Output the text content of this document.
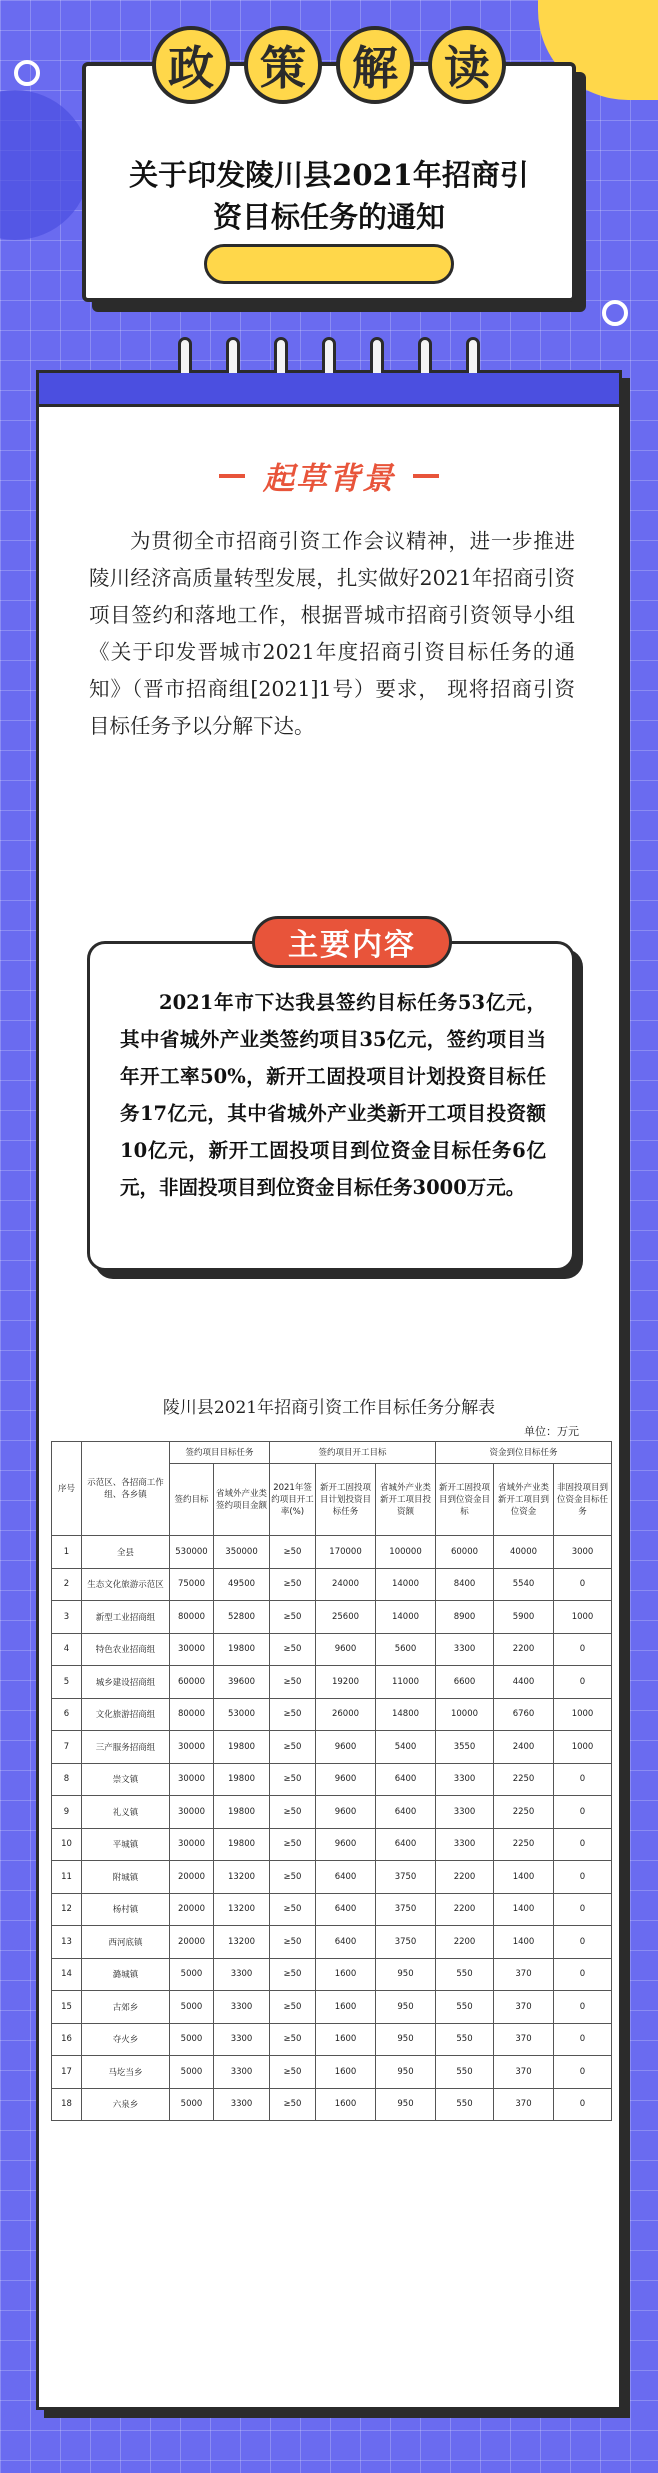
政	策	解	读
关于印发陵川县2021年招商引资目标任务的通知
起草背景

为贯彻全市招商引资工作会议精神，进一步推进陵川经济高质量转型发展，扎实做好2021年招商引资项目签约和落地工作，根据晋城市招商引资领导小组《关于印发晋城市2021年度招商引资目标任务的通知》（晋市招商组[2021]1号）要求， 现将招商引资目标任务予以分解下达。

主要内容

2021年市下达我县签约目标任务53亿元，其中省城外产业类签约项目35亿元，签约项目当年开工率50%，新开工固投项目计划投资目标任务17亿元，其中省城外产业类新开工项目投资额10亿元，新开工固投项目到位资金目标任务6亿元，非固投项目到位资金目标任务3000万元。

陵川县2021年招商引资工作目标任务分解表
单位：万元
序号	示范区、各招商工作组、各乡镇	签约项目目标任务		签约项目开工目标			资金到位目标任务		
		签约目标	省域外产业类签约项目金额	2021年签约项目开工率(%)	新开工固投项目计划投资目标任务	省城外产业类新开工项目投资额	新开工固投项目到位资金目标	省域外产业类新开工项目到位资金	非固投项目到位资金目标任务
1	全县	530000	350000	≥50	170000	100000	60000	40000	3000
2	生态文化旅游示范区	75000	49500	≥50	24000	14000	8400	5540	0
3	新型工业招商组	80000	52800	≥50	25600	14000	8900	5900	1000
4	特色农业招商组	30000	19800	≥50	9600	5600	3300	2200	0
5	城乡建设招商组	60000	39600	≥50	19200	11000	6600	4400	0
6	文化旅游招商组	80000	53000	≥50	26000	14800	10000	6760	1000
7	三产服务招商组	30000	19800	≥50	9600	5400	3550	2400	1000
8	崇文镇	30000	19800	≥50	9600	6400	3300	2250	0
9	礼义镇	30000	19800	≥50	9600	6400	3300	2250	0
10	平城镇	30000	19800	≥50	9600	6400	3300	2250	0
11	附城镇	20000	13200	≥50	6400	3750	2200	1400	0
12	杨村镇	20000	13200	≥50	6400	3750	2200	1400	0
13	西河底镇	20000	13200	≥50	6400	3750	2200	1400	0
14	潞城镇	5000	3300	≥50	1600	950	550	370	0
15	古郊乡	5000	3300	≥50	1600	950	550	370	0
16	夺火乡	5000	3300	≥50	1600	950	550	370	0
17	马圪当乡	5000	3300	≥50	1600	950	550	370	0
18	六泉乡	5000	3300	≥50	1600	950	550	370	0
